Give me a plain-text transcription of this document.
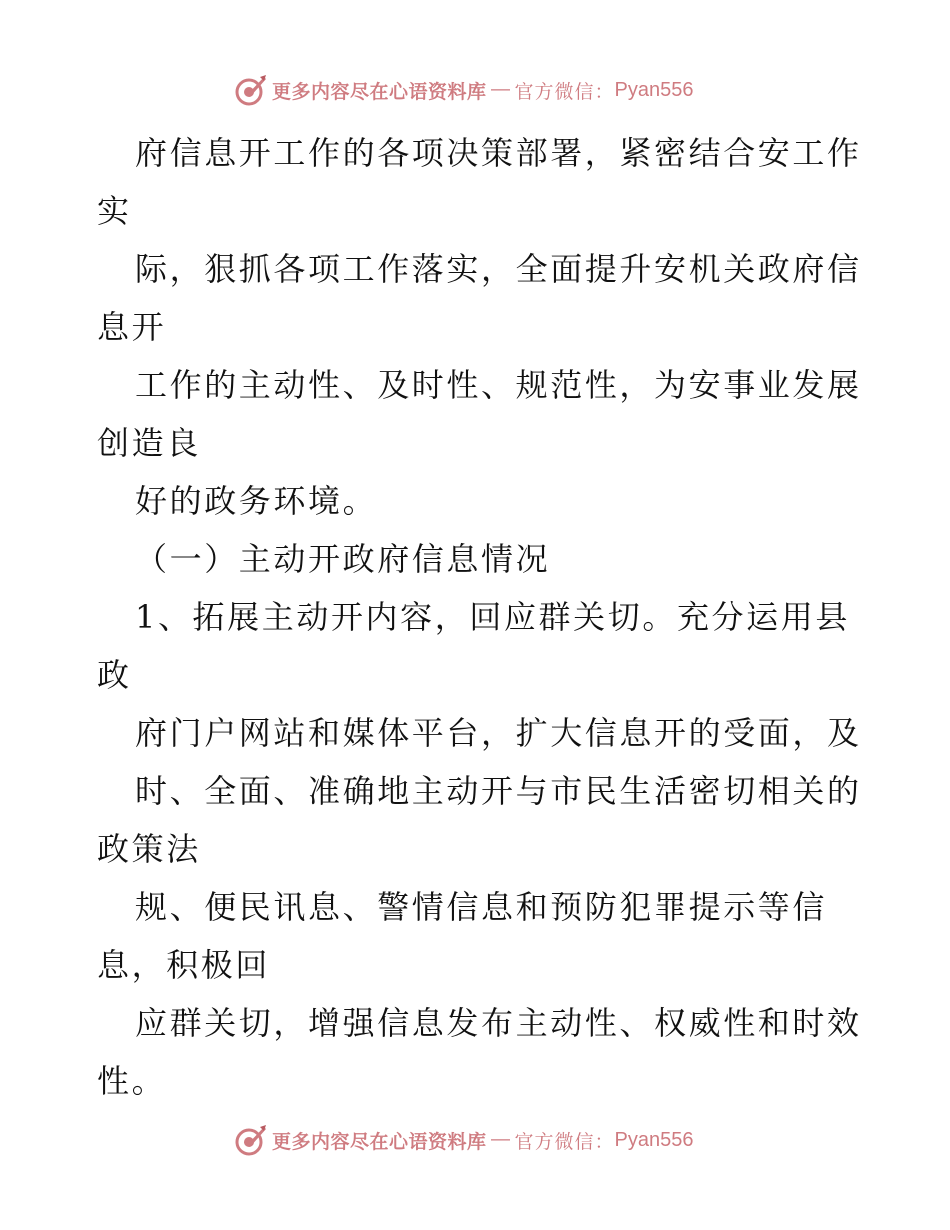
更多内容尽在心语资料库 — 官方微信： Pyan556

府信息开工作的各项决策部署，紧密结合安工作

实

际，狠抓各项工作落实，全面提升安机关政府信

息开

工作的主动性、及时性、规范性，为安事业发展

创造良

好的政务环境。

（一）主动开政府信息情况

1、拓展主动开内容，回应群关切。充分运用县

政

府门户网站和媒体平台，扩大信息开的受面，及

时、全面、准确地主动开与市民生活密切相关的

政策法

规、便民讯息、警情信息和预防犯罪提示等信

息，积极回

应群关切，增强信息发布主动性、权威性和时效

性。

更多内容尽在心语资料库 — 官方微信： Pyan556
